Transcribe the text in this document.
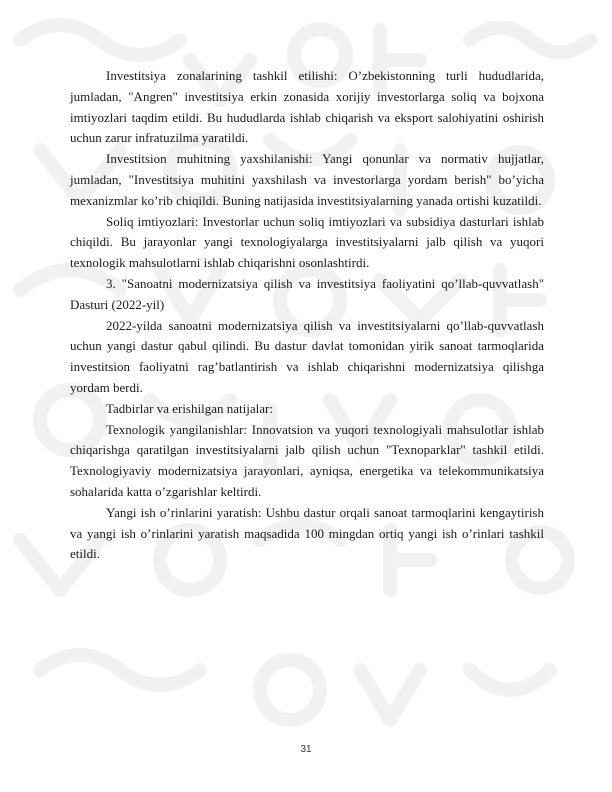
Investitsiya zonalarining tashkil etilishi: O’zbekistonning turli hududlarida, jumladan, "Angren" investitsiya erkin zonasida xorijiy investorlarga soliq va bojxona imtiyozlari taqdim etildi. Bu hududlarda ishlab chiqarish va eksport salohiyatini oshirish uchun zarur infratuzilma yaratildi.

Investitsion muhitning yaxshilanishi: Yangi qonunlar va normativ hujjatlar, jumladan, "Investitsiya muhitini yaxshilash va investorlarga yordam berish" bo’yicha mexanizmlar ko’rib chiqildi. Buning natijasida investitsiyalarning yanada ortishi kuzatildi.

Soliq imtiyozlari: Investorlar uchun soliq imtiyozlari va subsidiya dasturlari ishlab chiqildi. Bu jarayonlar yangi texnologiyalarga investitsiyalarni jalb qilish va yuqori texnologik mahsulotlarni ishlab chiqarishni osonlashtirdi.

3. "Sanoatni modernizatsiya qilish va investitsiya faoliyatini qo’llab-quvvatlash" Dasturi (2022-yil)

2022-yilda sanoatni modernizatsiya qilish va investitsiyalarni qo’llab-quvvatlash uchun yangi dastur qabul qilindi. Bu dastur davlat tomonidan yirik sanoat tarmoqlarida investitsion faoliyatni rag’batlantirish va ishlab chiqarishni modernizatsiya qilishga yordam berdi.

Tadbirlar va erishilgan natijalar:

Texnologik yangilanishlar: Innovatsion va yuqori texnologiyali mahsulotlar ishlab chiqarishga qaratilgan investitsiyalarni jalb qilish uchun "Texnoparklar" tashkil etildi. Texnologiyaviy modernizatsiya jarayonlari, ayniqsa, energetika va telekommunikatsiya sohalarida katta o’zgarishlar keltirdi.

Yangi ish o’rinlarini yaratish: Ushbu dastur orqali sanoat tarmoqlarini kengaytirish va yangi ish o’rinlarini yaratish maqsadida 100 mingdan ortiq yangi ish o’rinlari tashkil etildi.

31
